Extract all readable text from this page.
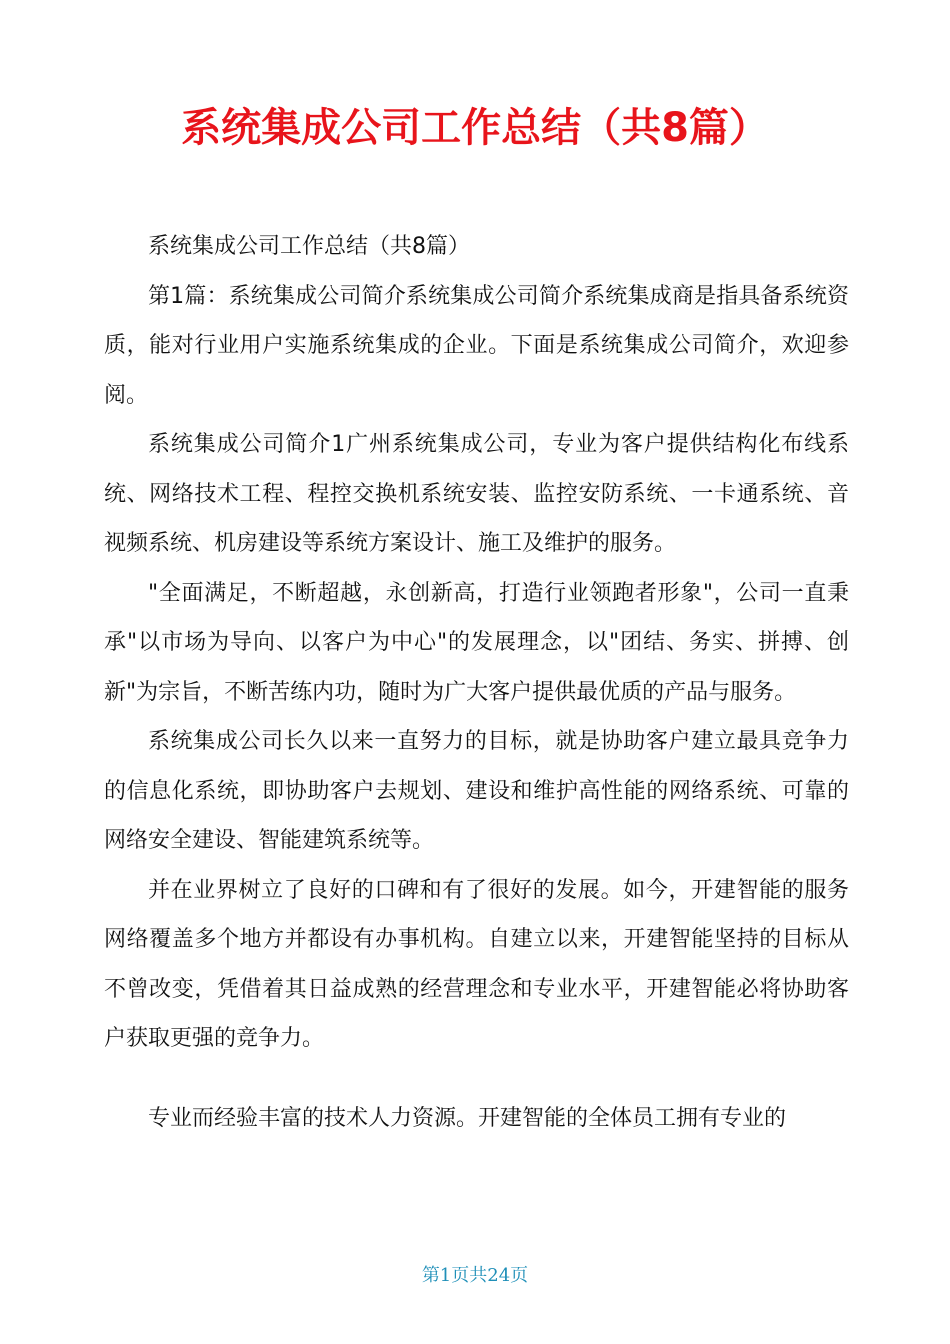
系统集成公司工作总结（共8篇）

系统集成公司工作总结（共8篇）

第1篇：系统集成公司简介系统集成公司简介系统集成商是指具备系统资质，能对行业用户实施系统集成的企业。下面是系统集成公司简介，欢迎参阅。

系统集成公司简介1广州系统集成公司，专业为客户提供结构化布线系统、网络技术工程、程控交换机系统安装、监控安防系统、一卡通系统、音视频系统、机房建设等系统方案设计、施工及维护的服务。

"全面满足，不断超越，永创新高，打造行业领跑者形象"，公司一直秉承"以市场为导向、以客户为中心"的发展理念，以"团结、务实、拼搏、创新"为宗旨，不断苦练内功，随时为广大客户提供最优质的产品与服务。

系统集成公司长久以来一直努力的目标，就是协助客户建立最具竞争力的信息化系统，即协助客户去规划、建设和维护高性能的网络系统、可靠的网络安全建设、智能建筑系统等。

并在业界树立了良好的口碑和有了很好的发展。如今，开建智能的服务网络覆盖多个地方并都设有办事机构。自建立以来，开建智能坚持的目标从不曾改变，凭借着其日益成熟的经营理念和专业水平，开建智能必将协助客户获取更强的竞争力。

专业而经验丰富的技术人力资源。开建智能的全体员工拥有专业的

第1页共24页
